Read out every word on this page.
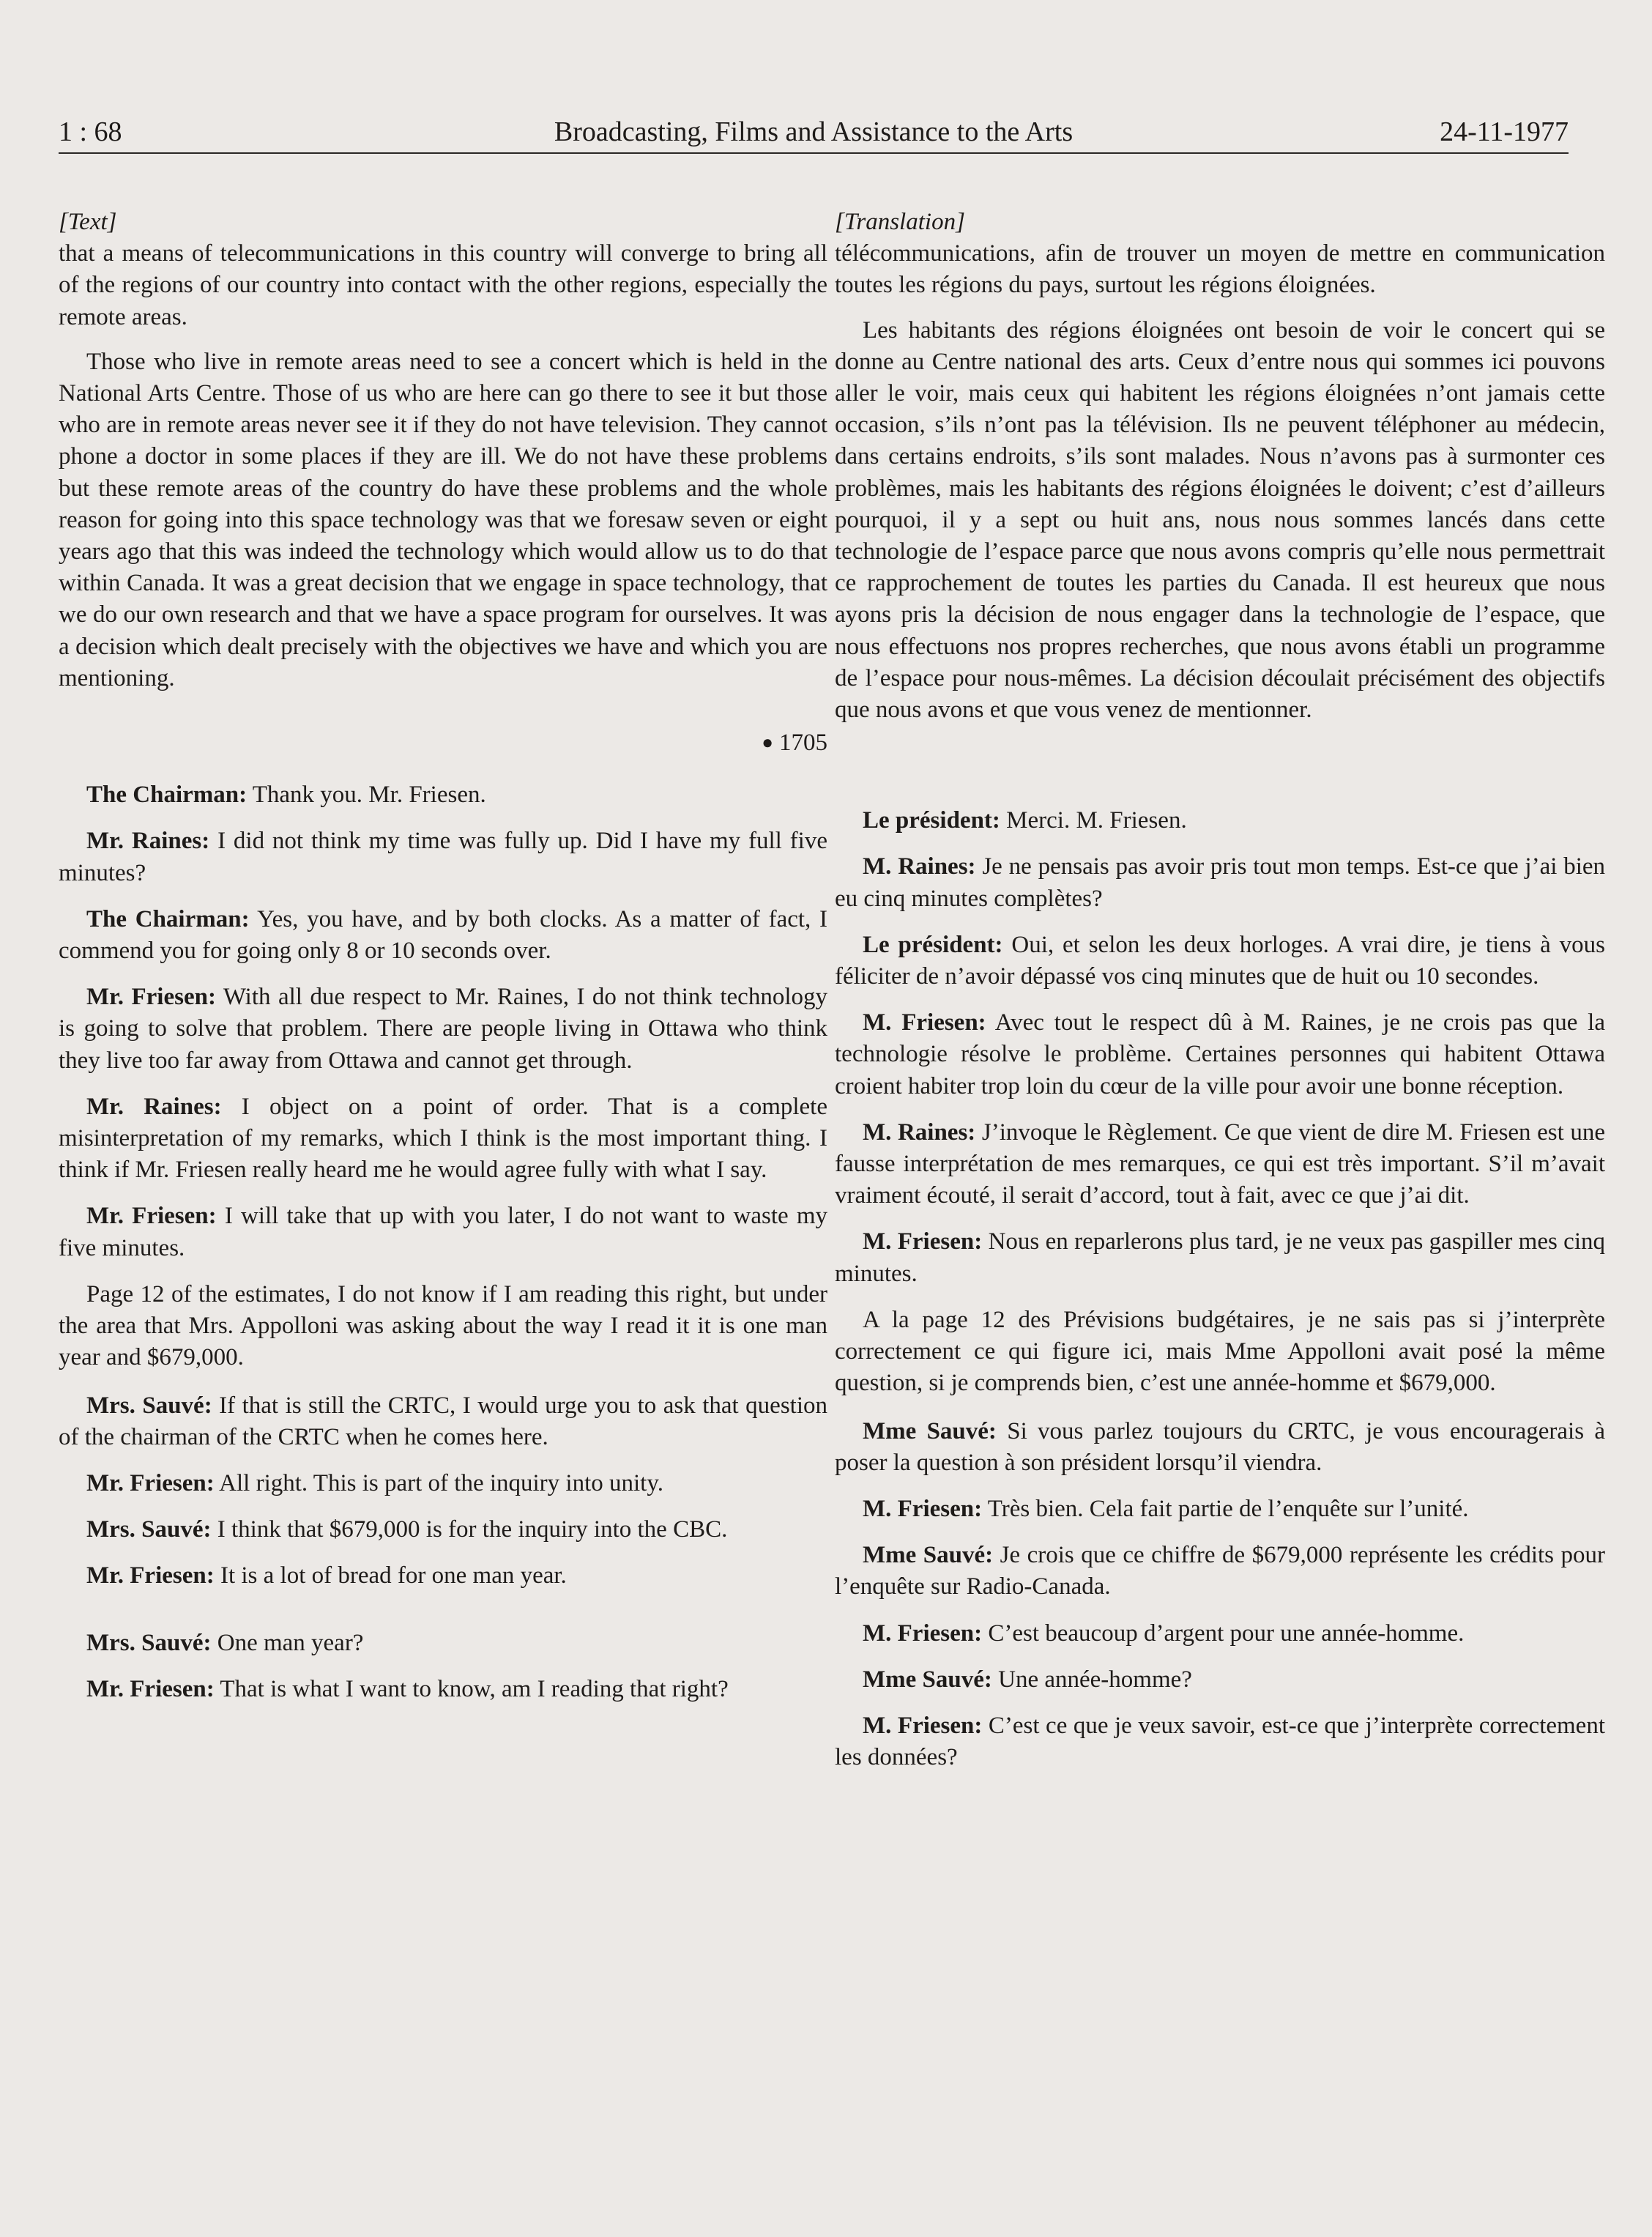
Broadcasting, Films and Assistance to the Arts
1 : 68	24-11-1977

[Text]

that a means of telecommunications in this country will converge to bring all of the regions of our country into contact with the other regions, especially the remote areas.

Those who live in remote areas need to see a concert which is held in the National Arts Centre. Those of us who are here can go there to see it but those who are in remote areas never see it if they do not have television. They cannot phone a doctor in some places if they are ill. We do not have these problems but these remote areas of the country do have these problems and the whole reason for going into this space technology was that we foresaw seven or eight years ago that this was indeed the technology which would allow us to do that within Canada. It was a great decision that we engage in space technology, that we do our own research and that we have a space program for ourselves. It was a decision which dealt precisely with the objectives we have and which you are mentioning.

● 1705

The Chairman: Thank you. Mr. Friesen.

Mr. Raines: I did not think my time was fully up. Did I have my full five minutes?

The Chairman: Yes, you have, and by both clocks. As a matter of fact, I commend you for going only 8 or 10 seconds over.

Mr. Friesen: With all due respect to Mr. Raines, I do not think technology is going to solve that problem. There are people living in Ottawa who think they live too far away from Ottawa and cannot get through.

Mr. Raines: I object on a point of order. That is a complete misinterpretation of my remarks, which I think is the most important thing. I think if Mr. Friesen really heard me he would agree fully with what I say.

Mr. Friesen: I will take that up with you later, I do not want to waste my five minutes.

Page 12 of the estimates, I do not know if I am reading this right, but under the area that Mrs. Appolloni was asking about the way I read it it is one man year and $679,000.

Mrs. Sauvé: If that is still the CRTC, I would urge you to ask that question of the chairman of the CRTC when he comes here.

Mr. Friesen: All right. This is part of the inquiry into unity.

Mrs. Sauvé: I think that $679,000 is for the inquiry into the CBC.

Mr. Friesen: It is a lot of bread for one man year.

Mrs. Sauvé: One man year?

Mr. Friesen: That is what I want to know, am I reading that right?

[Translation]

télécommunications, afin de trouver un moyen de mettre en communication toutes les régions du pays, surtout les régions éloignées.

Les habitants des régions éloignées ont besoin de voir le concert qui se donne au Centre national des arts. Ceux d’entre nous qui sommes ici pouvons aller le voir, mais ceux qui habitent les régions éloignées n’ont jamais cette occasion, s’ils n’ont pas la télévision. Ils ne peuvent téléphoner au médecin, dans certains endroits, s’ils sont malades. Nous n’avons pas à surmonter ces problèmes, mais les habitants des régions éloignées le doivent; c’est d’ailleurs pourquoi, il y a sept ou huit ans, nous nous sommes lancés dans cette technologie de l’espace parce que nous avons compris qu’elle nous permettrait ce rapprochement de toutes les parties du Canada. Il est heureux que nous ayons pris la décision de nous engager dans la technologie de l’espace, que nous effectuons nos propres recherches, que nous avons établi un programme de l’espace pour nous-mêmes. La décision découlait précisément des objectifs que nous avons et que vous venez de mentionner.

Le président: Merci. M. Friesen.

M. Raines: Je ne pensais pas avoir pris tout mon temps. Est-ce que j’ai bien eu cinq minutes complètes?

Le président: Oui, et selon les deux horloges. A vrai dire, je tiens à vous féliciter de n’avoir dépassé vos cinq minutes que de huit ou 10 secondes.

M. Friesen: Avec tout le respect dû à M. Raines, je ne crois pas que la technologie résolve le problème. Certaines personnes qui habitent Ottawa croient habiter trop loin du cœur de la ville pour avoir une bonne réception.

M. Raines: J’invoque le Règlement. Ce que vient de dire M. Friesen est une fausse interprétation de mes remarques, ce qui est très important. S’il m’avait vraiment écouté, il serait d’accord, tout à fait, avec ce que j’ai dit.

M. Friesen: Nous en reparlerons plus tard, je ne veux pas gaspiller mes cinq minutes.

A la page 12 des Prévisions budgétaires, je ne sais pas si j’interprète correctement ce qui figure ici, mais Mme Appolloni avait posé la même question, si je comprends bien, c’est une année-homme et $679,000.

Mme Sauvé: Si vous parlez toujours du CRTC, je vous encouragerais à poser la question à son président lorsqu’il viendra.

M. Friesen: Très bien. Cela fait partie de l’enquête sur l’unité.

Mme Sauvé: Je crois que ce chiffre de $679,000 représente les crédits pour l’enquête sur Radio-Canada.

M. Friesen: C’est beaucoup d’argent pour une année-homme.

Mme Sauvé: Une année-homme?

M. Friesen: C’est ce que je veux savoir, est-ce que j’interprète correctement les données?
